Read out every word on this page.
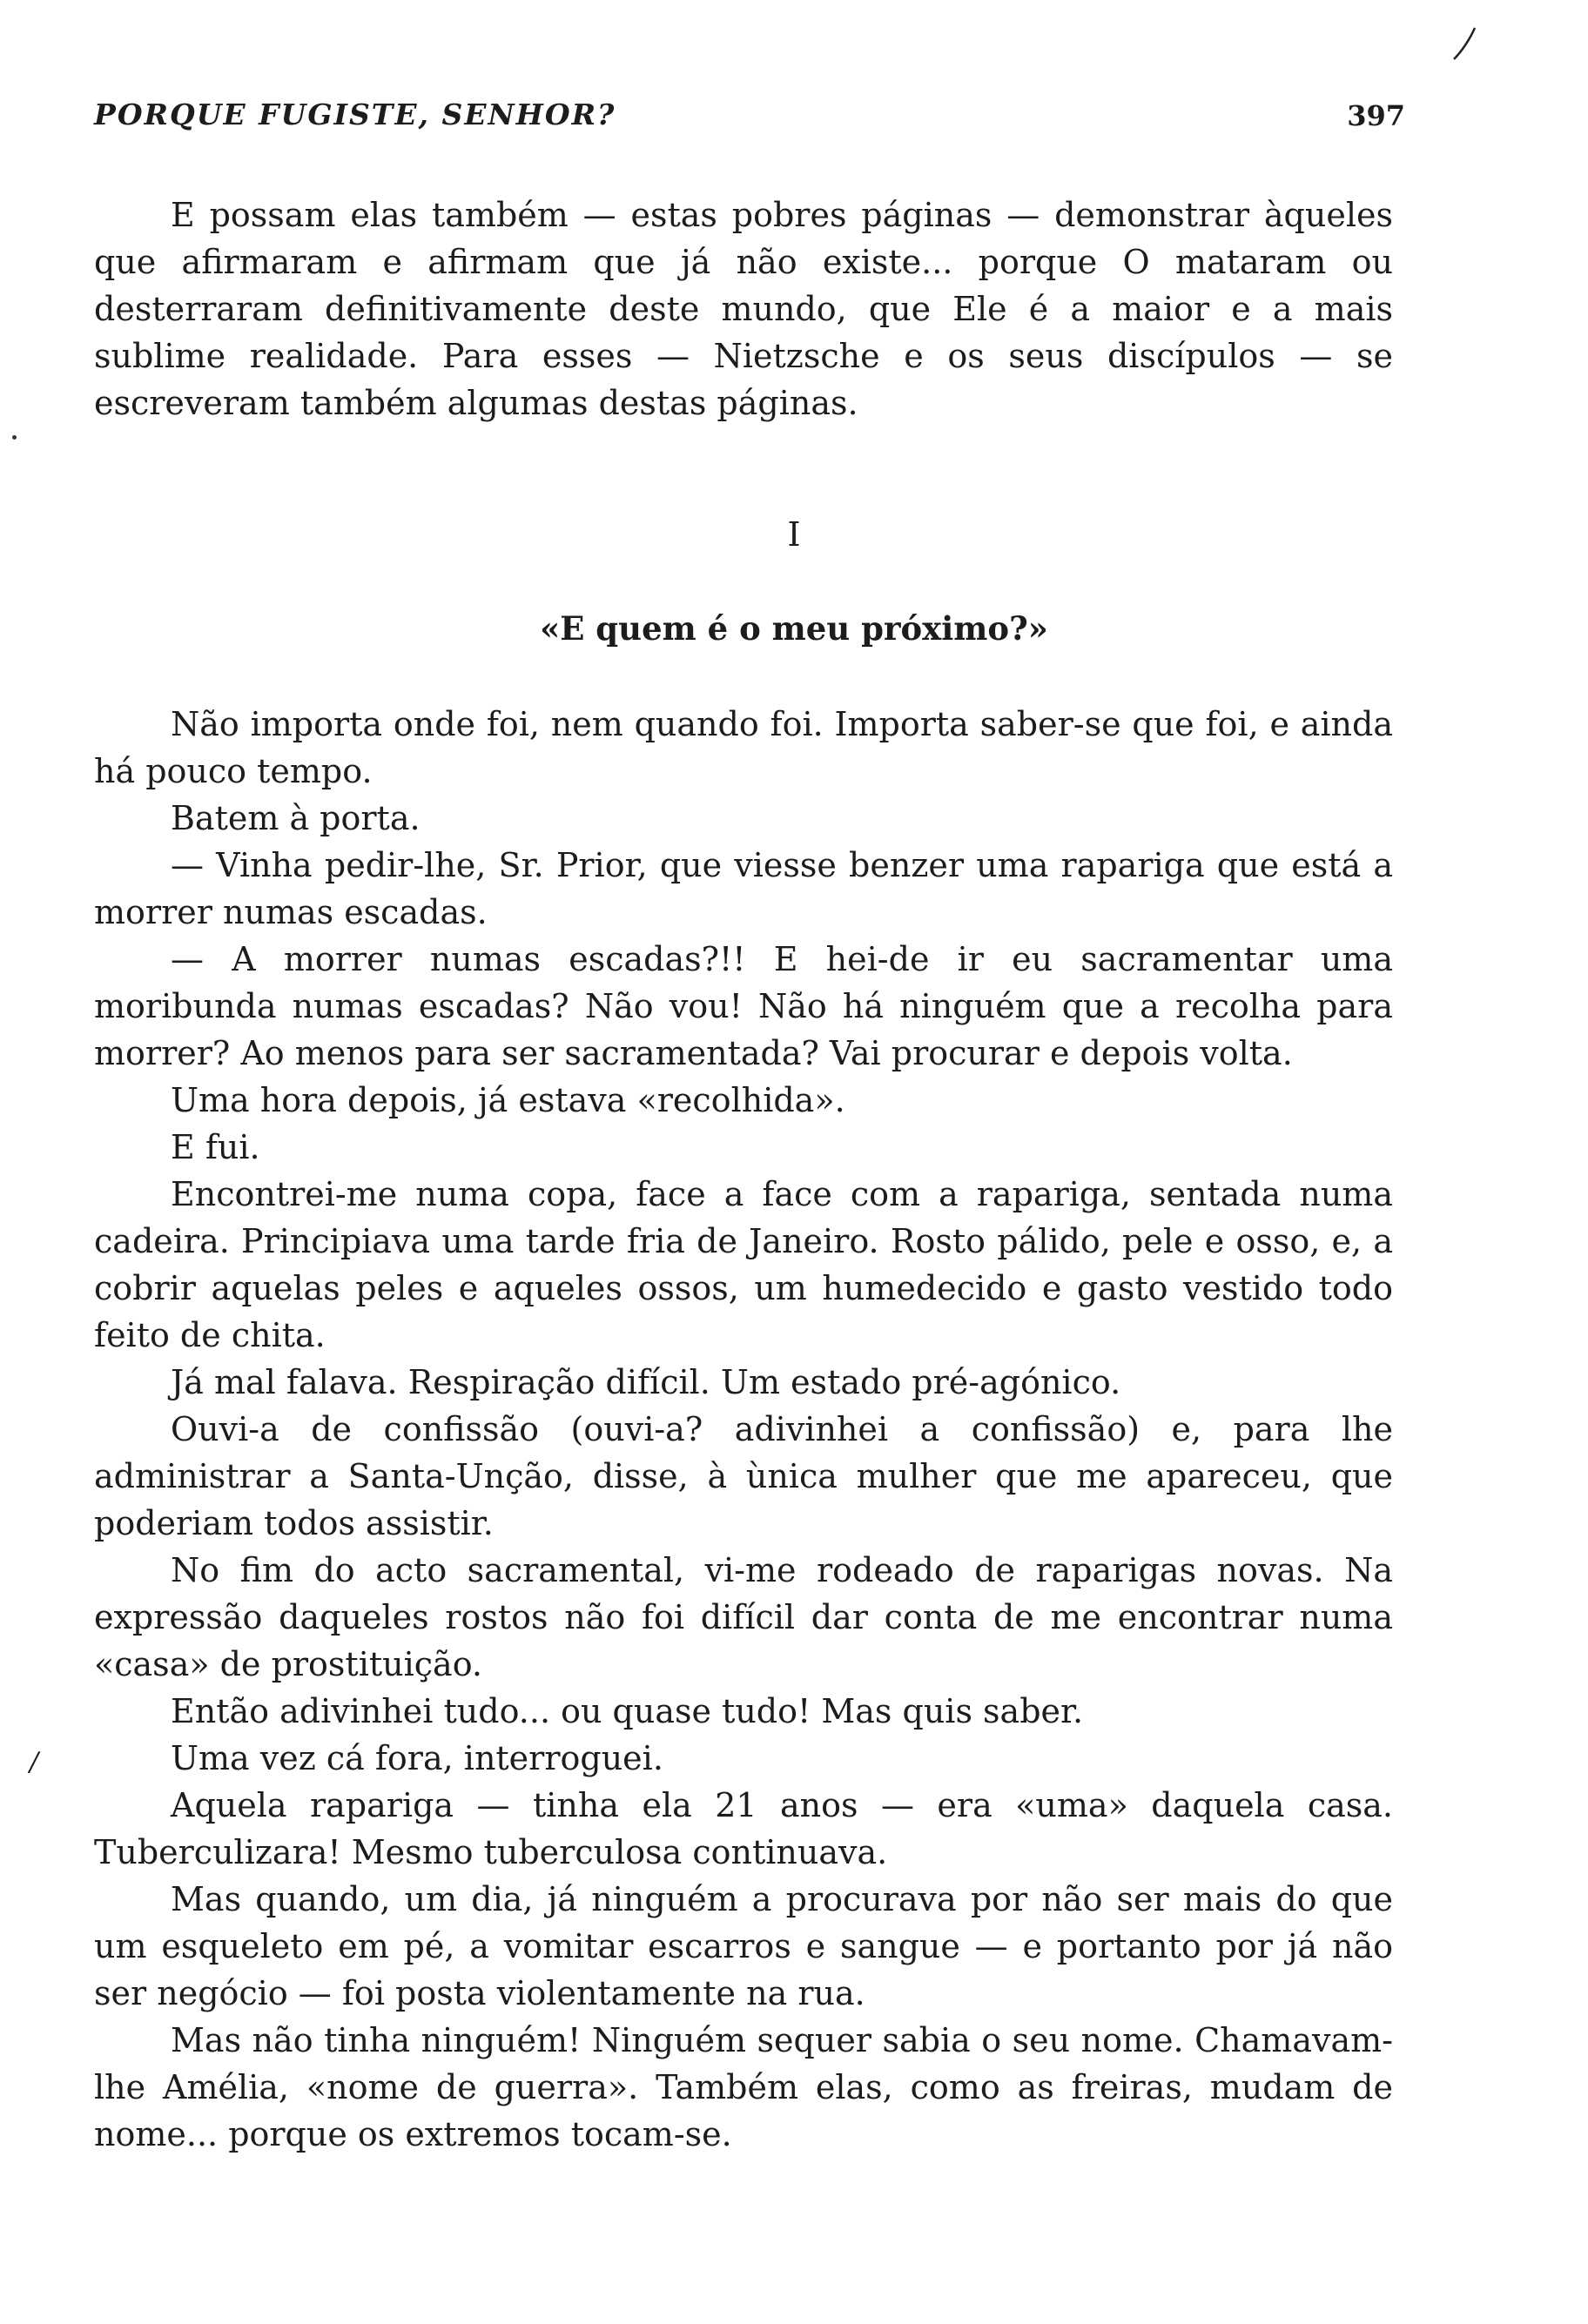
/
PORQUE FUGISTE, SENHOR?	397

E possam elas também — estas pobres páginas — demonstrar àqueles que afirmaram e afirmam que já não existe... porque O mataram ou desterraram definitivamente deste mundo, que Ele é a maior e a mais sublime realidade. Para esses — Nietzsche e os seus discípulos — se escreveram também algumas destas páginas.

I
«E quem é o meu próximo?»

Não importa onde foi, nem quando foi. Importa saber-se que foi, e ainda há pouco tempo.

Batem à porta.

— Vinha pedir-lhe, Sr. Prior, que viesse benzer uma rapariga que está a morrer numas escadas.

— A morrer numas escadas?!! E hei-de ir eu sacramentar uma moribunda numas escadas? Não vou! Não há ninguém que a recolha para morrer? Ao menos para ser sacramentada? Vai procurar e depois volta.

Uma hora depois, já estava «recolhida».

E fui.

Encontrei-me numa copa, face a face com a rapariga, sentada numa cadeira. Principiava uma tarde fria de Janeiro. Rosto pálido, pele e osso, e, a cobrir aquelas peles e aqueles ossos, um humedecido e gasto vestido todo feito de chita.

Já mal falava. Respiração difícil. Um estado pré-agónico.

Ouvi-a de confissão (ouvi-a? adivinhei a confissão) e, para lhe administrar a Santa-Unção, disse, à ùnica mulher que me apareceu, que poderiam todos assistir.

No fim do acto sacramental, vi-me rodeado de raparigas novas. Na expressão daqueles rostos não foi difícil dar conta de me encontrar numa «casa» de prostituição.

Então adivinhei tudo... ou quase tudo! Mas quis saber.

Uma vez cá fora, interroguei.

Aquela rapariga — tinha ela 21 anos — era «uma» daquela casa. Tuberculizara! Mesmo tuberculosa continuava.

Mas quando, um dia, já ninguém a procurava por não ser mais do que um esqueleto em pé, a vomitar escarros e sangue — e portanto por já não ser negócio — foi posta violentamente na rua.

Mas não tinha ninguém! Ninguém sequer sabia o seu nome. Chamavam-lhe Amélia, «nome de guerra». Também elas, como as freiras, mudam de nome... porque os extremos tocam-se.
